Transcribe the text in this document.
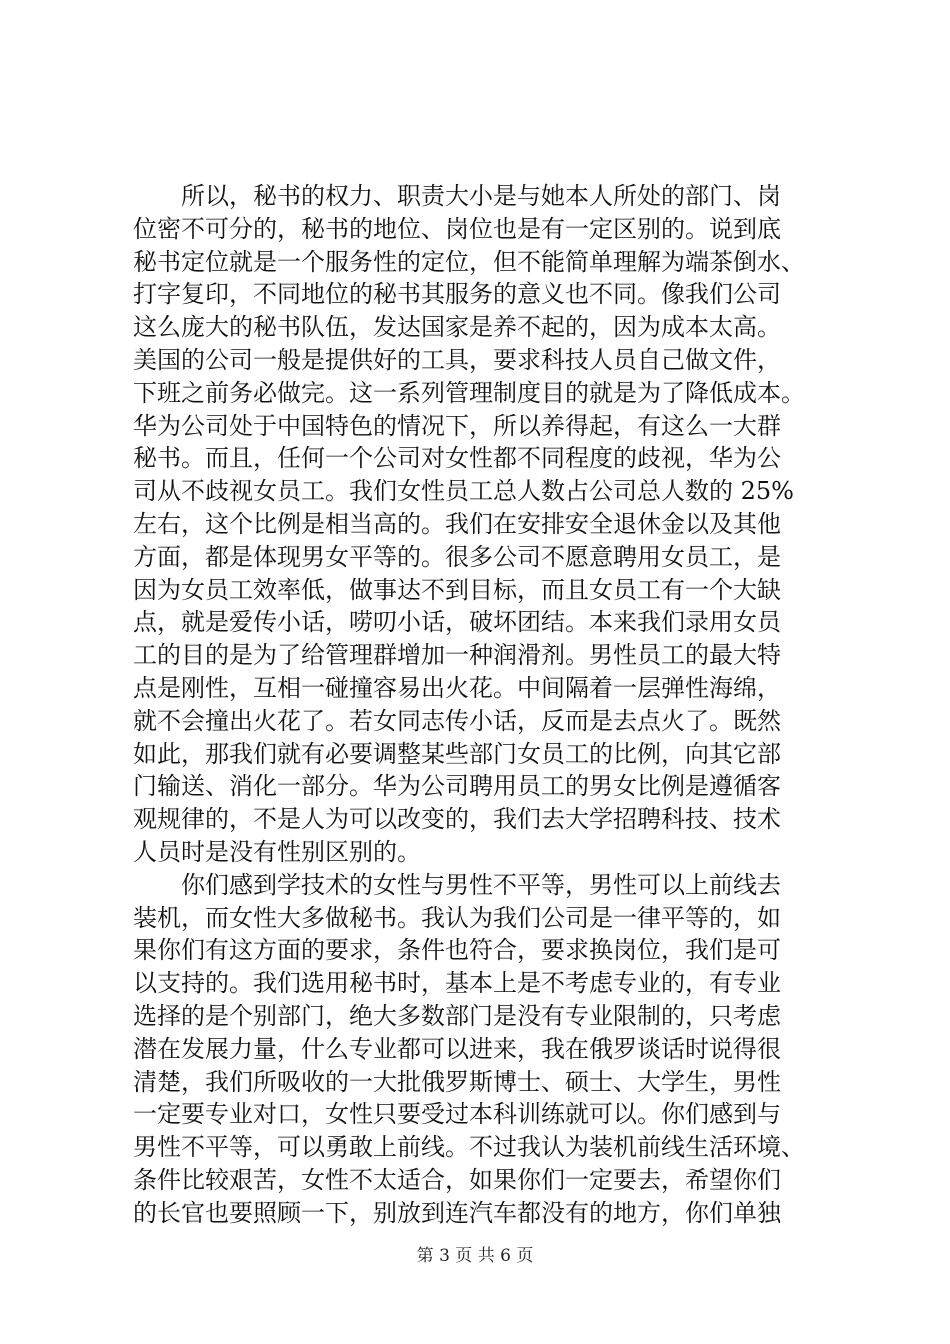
所以，秘书的权力、职责大小是与她本人所处的部门、岗
位密不可分的，秘书的地位、岗位也是有一定区别的。说到底
秘书定位就是一个服务性的定位，但不能简单理解为端茶倒水、
打字复印，不同地位的秘书其服务的意义也不同。像我们公司
这么庞大的秘书队伍，发达国家是养不起的，因为成本太高。
美国的公司一般是提供好的工具，要求科技人员自己做文件，
下班之前务必做完。这一系列管理制度目的就是为了降低成本。
华为公司处于中国特色的情况下，所以养得起，有这么一大群
秘书。而且，任何一个公司对女性都不同程度的歧视，华为公
司从不歧视女员工。我们女性员工总人数占公司总人数的 25%
左右，这个比例是相当高的。我们在安排安全退休金以及其他
方面，都是体现男女平等的。很多公司不愿意聘用女员工，是
因为女员工效率低，做事达不到目标，而且女员工有一个大缺
点，就是爱传小话，唠叨小话，破坏团结。本来我们录用女员
工的目的是为了给管理群增加一种润滑剂。男性员工的最大特
点是刚性，互相一碰撞容易出火花。中间隔着一层弹性海绵，
就不会撞出火花了。若女同志传小话，反而是去点火了。既然
如此，那我们就有必要调整某些部门女员工的比例，向其它部
门输送、消化一部分。华为公司聘用员工的男女比例是遵循客
观规律的，不是人为可以改变的，我们去大学招聘科技、技术
人员时是没有性别区别的。
你们感到学技术的女性与男性不平等，男性可以上前线去
装机，而女性大多做秘书。我认为我们公司是一律平等的，如
果你们有这方面的要求，条件也符合，要求换岗位，我们是可
以支持的。我们选用秘书时，基本上是不考虑专业的，有专业
选择的是个别部门，绝大多数部门是没有专业限制的，只考虑
潜在发展力量，什么专业都可以进来，我在俄罗谈话时说得很
清楚，我们所吸收的一大批俄罗斯博士、硕士、大学生，男性
一定要专业对口，女性只要受过本科训练就可以。你们感到与
男性不平等，可以勇敢上前线。不过我认为装机前线生活环境、
条件比较艰苦，女性不太适合，如果你们一定要去，希望你们
的长官也要照顾一下，别放到连汽车都没有的地方，你们单独
第 3 页 共 6 页
